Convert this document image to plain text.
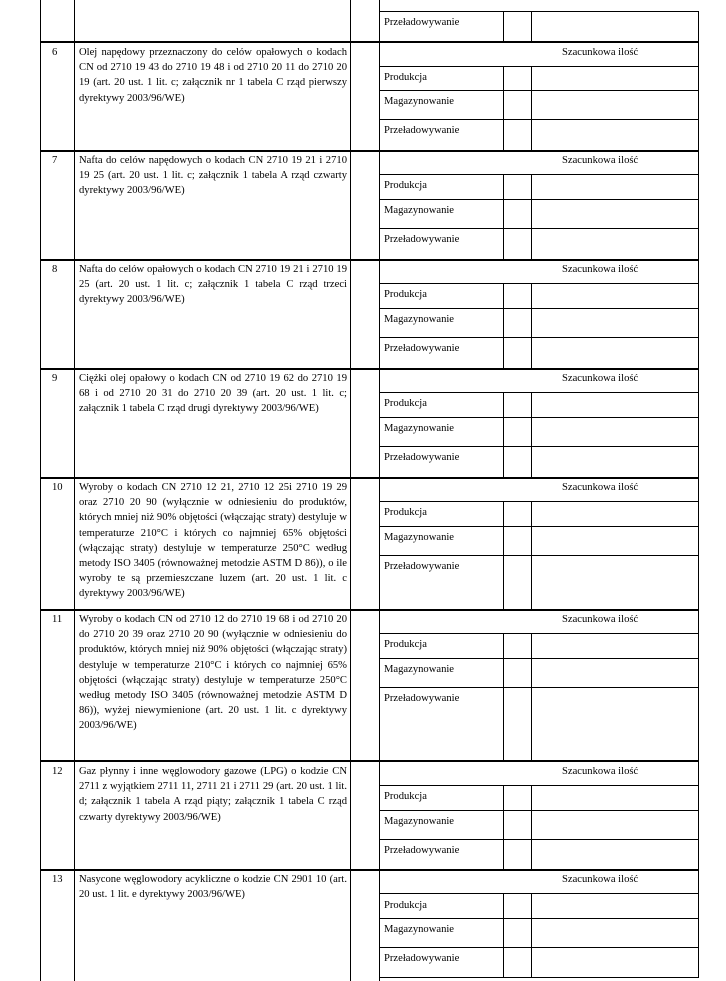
Przeładowywanie
6 Olej napędowy przeznaczony do celów opałowych o kodach CN od 2710 19 43 do 2710 19 48 i od 2710 20 11 do 2710 20 19 (art. 20 ust. 1 lit. c; załącznik nr 1 tabela C rząd pierwszy dyrektywy 2003/96/WE)
Szacunkowa ilość
Produkcja
Magazynowanie
Przeładowywanie
7 Nafta do celów napędowych o kodach CN 2710 19 21 i 2710 19 25 (art. 20 ust. 1 lit. c; załącznik 1 tabela A rząd czwarty dyrektywy 2003/96/WE)
Szacunkowa ilość
Produkcja
Magazynowanie
Przeładowywanie
8 Nafta do celów opałowych o kodach CN 2710 19 21 i 2710 19 25 (art. 20 ust. 1 lit. c; załącznik 1 tabela C rząd trzeci dyrektywy 2003/96/WE)
Szacunkowa ilość
Produkcja
Magazynowanie
Przeładowywanie
9 Ciężki olej opałowy o kodach CN od 2710 19 62 do 2710 19 68 i od 2710 20 31 do 2710 20 39 (art. 20 ust. 1 lit. c; załącznik 1 tabela C rząd drugi dyrektywy 2003/96/WE)
Szacunkowa ilość
Produkcja
Magazynowanie
Przeładowywanie
10 Wyroby o kodach CN 2710 12 21, 2710 12 25i 2710 19 29 oraz 2710 20 90 (wyłącznie w odniesieniu do produktów, których mniej niż 90% objętości (włączając straty) destyluje w temperaturze 210°C i których co najmniej 65% objętości (włączając straty) destyluje w temperaturze 250°C według metody ISO 3405 (równoważnej metodzie ASTM D 86)), o ile wyroby te są przemieszczane luzem (art. 20 ust. 1 lit. c dyrektywy 2003/96/WE)
Szacunkowa ilość
Produkcja
Magazynowanie
Przeładowywanie
11 Wyroby o kodach CN od 2710 12 do 2710 19 68 i od 2710 20 do 2710 20 39 oraz 2710 20 90 (wyłącznie w odniesieniu do produktów, których mniej niż 90% objętości (włączając straty) destyluje w temperaturze 210°C i których co najmniej 65% objętości (włączając straty) destyluje w temperaturze 250°C według metody ISO 3405 (równoważnej metodzie ASTM D 86)), wyżej niewymienione (art. 20 ust. 1 lit. c dyrektywy 2003/96/WE)
Szacunkowa ilość
Produkcja
Magazynowanie
Przeładowywanie
12 Gaz płynny i inne węglowodory gazowe (LPG) o kodzie CN 2711 z wyjątkiem 2711 11, 2711 21 i 2711 29 (art. 20 ust. 1 lit. d; załącznik 1 tabela A rząd piąty; załącznik 1 tabela C rząd czwarty dyrektywy 2003/96/WE)
Szacunkowa ilość
Produkcja
Magazynowanie
Przeładowywanie
13 Nasycone węglowodory acykliczne o kodzie CN 2901 10 (art. 20 ust. 1 lit. e dyrektywy 2003/96/WE)
Szacunkowa ilość
Produkcja
Magazynowanie
Przeładowywanie
